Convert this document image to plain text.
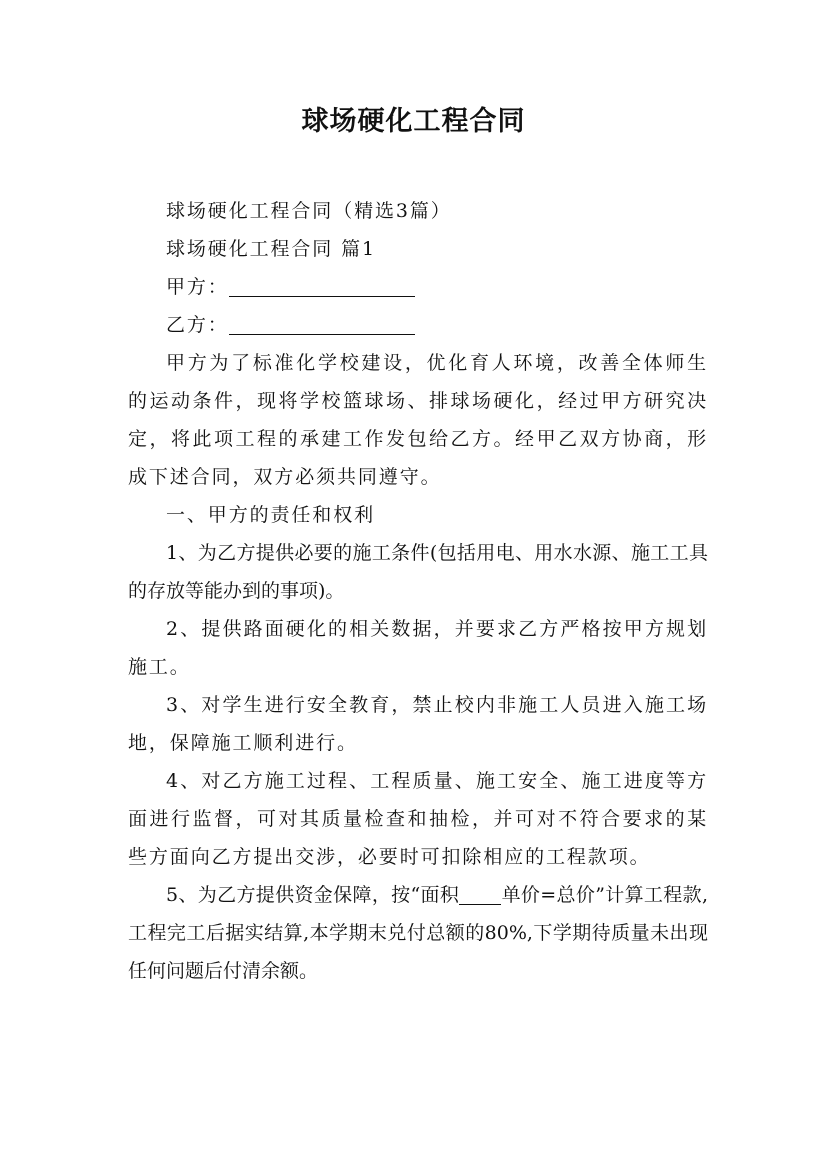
球场硬化工程合同

球场硬化工程合同（精选3篇）

球场硬化工程合同 篇1

甲方：

乙方：

甲方为了标准化学校建设，优化育人环境，改善全体师生的运动条件，现将学校篮球场、排球场硬化，经过甲方研究决定，将此项工程的承建工作发包给乙方。经甲乙双方协商，形成下述合同，双方必须共同遵守。

一、甲方的责任和权利

1、为乙方提供必要的施工条件(包括用电、用水水源、施工工具的存放等能办到的事项)。

2、提供路面硬化的相关数据，并要求乙方严格按甲方规划施工。

3、对学生进行安全教育，禁止校内非施工人员进入施工场地，保障施工顺利进行。

4、对乙方施工过程、工程质量、施工安全、施工进度等方面进行监督，可对其质量检查和抽检，并可对不符合要求的某些方面向乙方提出交涉，必要时可扣除相应的工程款项。

5、为乙方提供资金保障，按“面积 单价=总价”计算工程款,工程完工后据实结算,本学期末兑付总额的80%,下学期待质量未出现任何问题后付清余额。
